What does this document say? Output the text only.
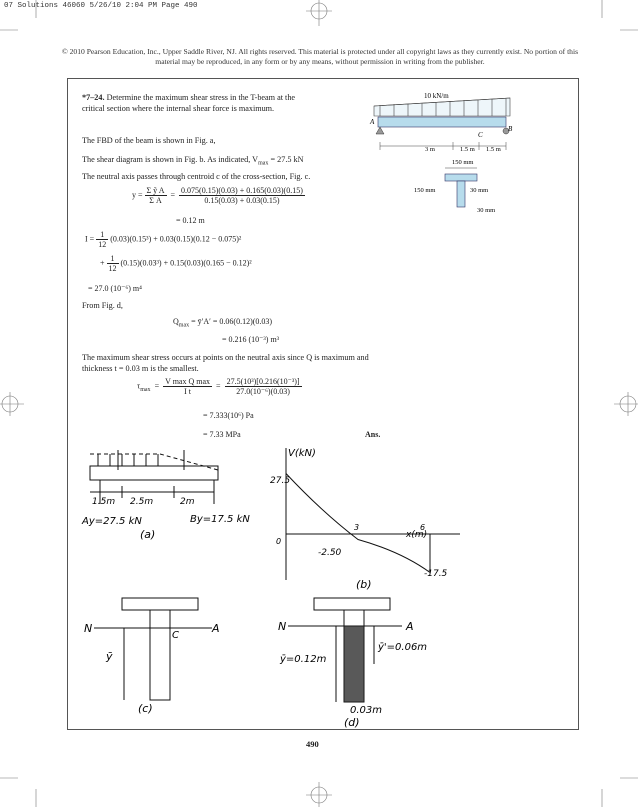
07 Solutions 46060 5/26/10 2:04 PM Page 490
© 2010 Pearson Education, Inc., Upper Saddle River, NJ. All rights reserved. This material is protected under all copyright laws as they currently exist. No portion of this material may be reproduced, in any form or by any means, without permission in writing from the publisher.
*7–24. Determine the maximum shear stress in the T-beam at the critical section where the internal shear force is maximum.
The FBD of the beam is shown in Fig. a,
The shear diagram is shown in Fig. b. As indicated, $V_{max} = 27.5$ kN
The neutral axis passes through centroid c of the cross-section, Fig. c.
$y = \frac{\text{Σ ỹ A}}{\text{Σ A}} = \frac{0.075(0.15)(0.03) + 0.165(0.03)(0.15)}{0.15(0.03) + 0.03(0.15)}$
= 0.12 m
$I = \frac{1}{12} (0.03)(0.15^3) + 0.03(0.15)(0.12 - 0.075)^2$
+ $\frac{1}{12} (0.15)(0.03^3) + 0.15(0.03)(0.165 - 0.12)^2$
= 27.0 (10⁻⁶) m⁴
From Fig. d,
$Q_{max}$ = ȳ′A′ = 0.06(0.12)(0.03)
= 0.216 (10⁻³) m³
The maximum shear stress occurs at points on the neutral axis since Q is maximum and thickness t = 0.03 m is the smallest.
$\tau_{max} = \frac{\text{V max Q max}}{\text{I t}} = \frac{\text{27.5(10³)[0.216(10⁻³)]}}{\text{27.0(10⁻⁶)(0.03)}}$
= 7.333(10⁶) Pa
= 7.33 MPa	Ans.
10 kN/m
A
B
C
3 m	1.5 m 1.5 m
150 mm
150 mm	30 mm
30 mm
1.5m 2.5m	2m
Ay=27.5 kN	By=17.5 kN
(a)
V(kN)
x(m)
27.5
-2.50
-17.5
3	6
0
(b)
N	A
C
ȳ
(c)
N	A
ȳ=0.12m
ȳ'=0.06m
0.03m
(d)
490
